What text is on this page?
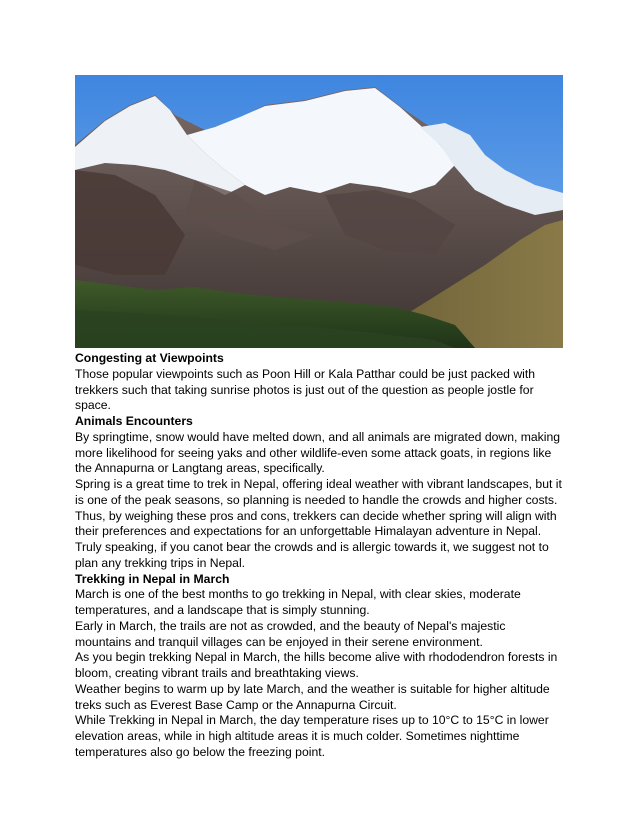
Congesting at Viewpoints

Those popular viewpoints such as Poon Hill or Kala Patthar could be just packed with trekkers such that taking sunrise photos is just out of the question as people jostle for space.

Animals Encounters

By springtime, snow would have melted down, and all animals are migrated down, making more likelihood for seeing yaks and other wildlife-even some attack goats, in regions like the Annapurna or Langtang areas, specifically.

Spring is a great time to trek in Nepal, offering ideal weather with vibrant landscapes, but it is one of the peak seasons, so planning is needed to handle the crowds and higher costs. Thus, by weighing these pros and cons, trekkers can decide whether spring will align with their preferences and expectations for an unforgettable Himalayan adventure in Nepal.

Truly speaking, if you canot bear the crowds and is allergic towards it, we suggest not to plan any trekking trips in Nepal.

Trekking in Nepal in March

March is one of the best months to go trekking in Nepal, with clear skies, moderate temperatures, and a landscape that is simply stunning.

Early in March, the trails are not as crowded, and the beauty of Nepal's majestic mountains and tranquil villages can be enjoyed in their serene environment.

As you begin trekking Nepal in March, the hills become alive with rhododendron forests in bloom, creating vibrant trails and breathtaking views.

Weather begins to warm up by late March, and the weather is suitable for higher altitude treks such as Everest Base Camp or the Annapurna Circuit.

While Trekking in Nepal in March, the day temperature rises up to 10°C to 15°C in lower elevation areas, while in high altitude areas it is much colder. Sometimes nighttime temperatures also go below the freezing point.
